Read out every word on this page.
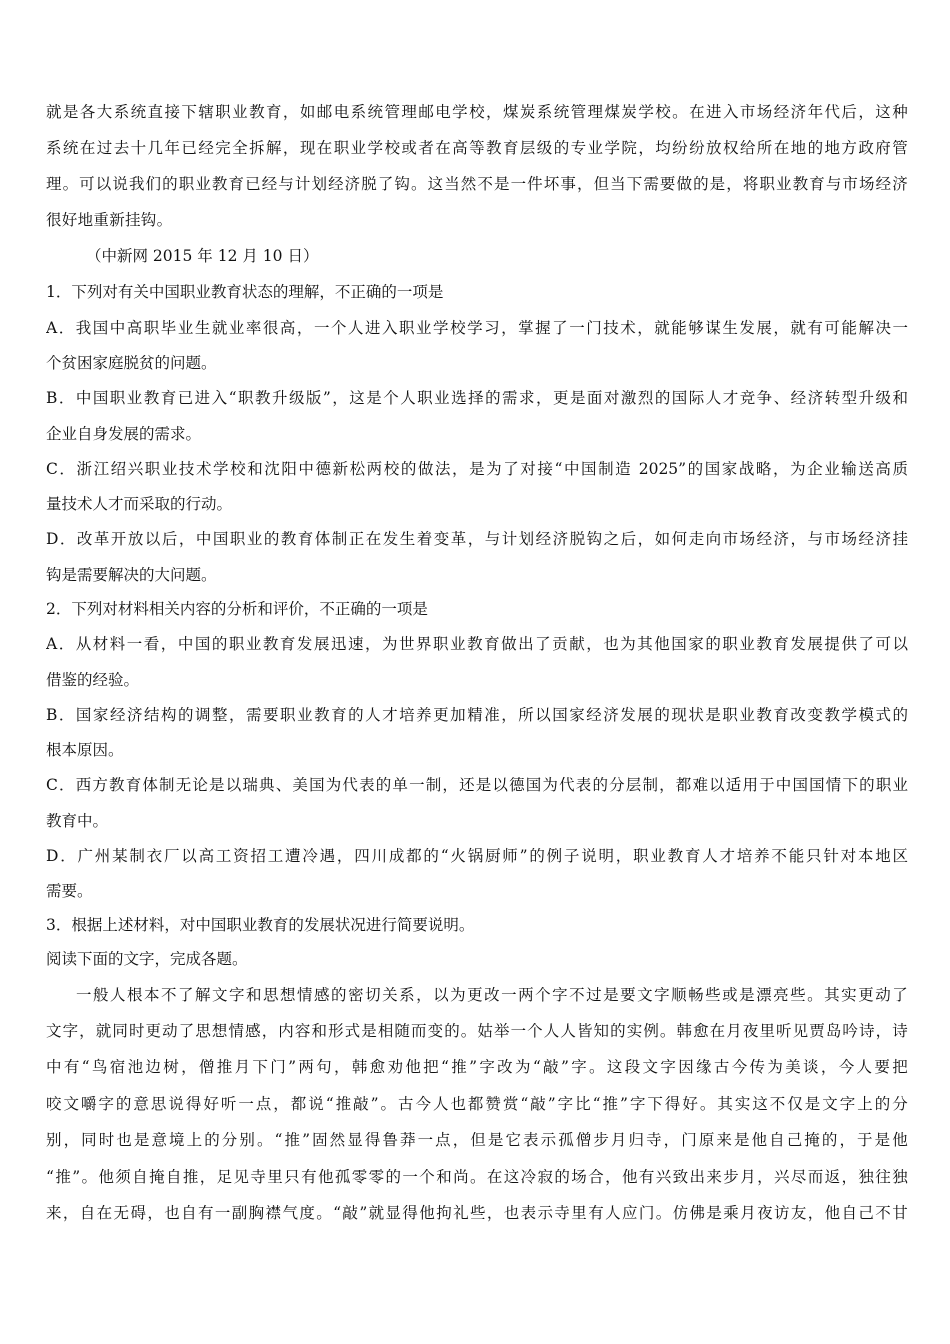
就是各大系统直接下辖职业教育，如邮电系统管理邮电学校，煤炭系统管理煤炭学校。在进入市场经济年代后，这种
系统在过去十几年已经完全拆解，现在职业学校或者在高等教育层级的专业学院，均纷纷放权给所在地的地方政府管
理。可以说我们的职业教育已经与计划经济脱了钩。这当然不是一件坏事，但当下需要做的是，将职业教育与市场经济
很好地重新挂钩。
（中新网 2015 年 12 月 10 日）
1．下列对有关中国职业教育状态的理解，不正确的一项是
A．我国中高职毕业生就业率很高，一个人进入职业学校学习，掌握了一门技术，就能够谋生发展，就有可能解决一
个贫困家庭脱贫的问题。
B．中国职业教育已进入“职教升级版”，这是个人职业选择的需求，更是面对激烈的国际人才竞争、经济转型升级和
企业自身发展的需求。
C．浙江绍兴职业技术学校和沈阳中德新松两校的做法，是为了对接“中国制造 2025”的国家战略，为企业输送高质
量技术人才而采取的行动。
D．改革开放以后，中国职业的教育体制正在发生着变革，与计划经济脱钩之后，如何走向市场经济，与市场经济挂
钩是需要解决的大问题。
2．下列对材料相关内容的分析和评价，不正确的一项是
A．从材料一看，中国的职业教育发展迅速，为世界职业教育做出了贡献，也为其他国家的职业教育发展提供了可以
借鉴的经验。
B．国家经济结构的调整，需要职业教育的人才培养更加精准，所以国家经济发展的现状是职业教育改变教学模式的
根本原因。
C．西方教育体制无论是以瑞典、美国为代表的单一制，还是以德国为代表的分层制，都难以适用于中国国情下的职业
教育中。
D．广州某制衣厂以高工资招工遭冷遇，四川成都的“火锅厨师”的例子说明，职业教育人才培养不能只针对本地区
需要。
3．根据上述材料，对中国职业教育的发展状况进行简要说明。
阅读下面的文字，完成各题。
一般人根本不了解文字和思想情感的密切关系，以为更改一两个字不过是要文字顺畅些或是漂亮些。其实更动了
文字，就同时更动了思想情感，内容和形式是相随而变的。姑举一个人人皆知的实例。韩愈在月夜里听见贾岛吟诗，诗
中有“鸟宿池边树，僧推月下门”两句，韩愈劝他把“推”字改为“敲”字。这段文字因缘古今传为美谈，今人要把
咬文嚼字的意思说得好听一点，都说“推敲”。古今人也都赞赏“敲”字比“推”字下得好。其实这不仅是文字上的分
别，同时也是意境上的分别。“推”固然显得鲁莽一点，但是它表示孤僧步月归寺，门原来是他自己掩的，于是他
“推”。他须自掩自推，足见寺里只有他孤零零的一个和尚。在这冷寂的场合，他有兴致出来步月，兴尽而返，独往独
来，自在无碍，也自有一副胸襟气度。“敲”就显得他拘礼些，也表示寺里有人应门。仿佛是乘月夜访友，他自己不甘
